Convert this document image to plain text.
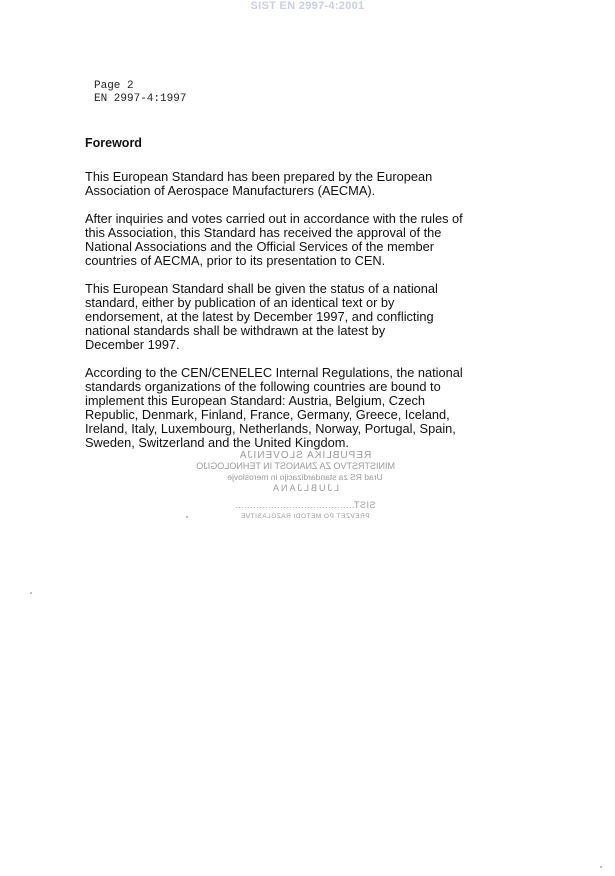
SIST EN 2997-4:2001
Page 2
EN 2997-4:1997
Foreword

This European Standard has been prepared by the European
Association of Aerospace Manufacturers (AECMA).

After inquiries and votes carried out in accordance with the rules of
this Association, this Standard has received the approval of the
National Associations and the Official Services of the member
countries of AECMA, prior to its presentation to CEN.

This European Standard shall be given the status of a national
standard, either by publication of an identical text or by
endorsement, at the latest by December 1997, and conflicting
national standards shall be withdrawn at the latest by
December 1997.

According to the CEN/CENELEC Internal Regulations, the national
standards organizations of the following countries are bound to
implement this European Standard: Austria, Belgium, Czech
Republic, Denmark, Finland, France, Germany, Greece, Iceland,
Ireland, Italy, Luxembourg, Netherlands, Norway, Portugal, Spain,
Sweden, Switzerland and the United Kingdom.

REPUBLIKA SLOVENIJA
MINISTRSTVO ZA ZNANOST IN TEHNOLOGIJO
Urad RS za standardizacijo in meroslovje
LJUBLJANA
SIST........................................
PREVZET PO METODI RAZGLASITVE
